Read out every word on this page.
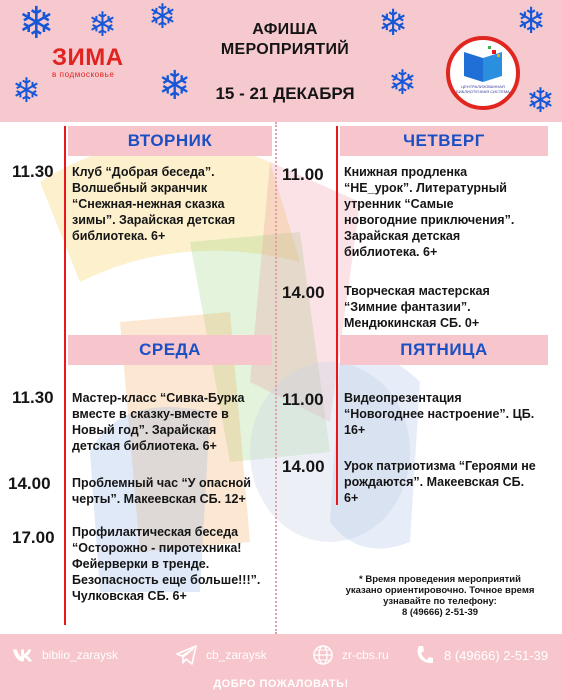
❄ ❄ ❄
❄
❄
❄
❄
❄
❄
ЗИМА
в подмосковье
АФИША
МЕРОПРИЯТИЙ
15 - 21 ДЕКАБРЯ	ЦЕНТРАЛИЗОВАННАЯ БИБЛИОТЕЧНАЯ СИСТЕМА
ВТОРНИК
11.30 Клуб “Добрая беседа”.
Волшебный экранчик
“Снежная-нежная сказка
зимы”. Зарайская детская
библиотека. 6+
ЧЕТВЕРГ
11.00 Книжная продленка
“НЕ_урок”. Литературный
утренник “Самые
новогодние приключения”.
Зарайская детская
библиотека. 6+
14.00 Творческая мастерская
“Зимние фантазии”.
Мендюкинская СБ. 0+
СРЕДА
11.30 Мастер-класс “Сивка-Бурка
вместе в сказку-вместе в
Новый год”. Зарайская
детская библиотека. 6+
14.00 Проблемный час “У опасной
черты”. Макеевская СБ. 12+
17.00 Профилактическая беседа
“Осторожно - пиротехника!
Фейерверки в тренде.
Безопасность еще больше!!!”.
Чулковская СБ. 6+
ПЯТНИЦА
11.00 Видеопрезентация
“Новогоднее настроение”. ЦБ.
16+
14.00 Урок патриотизма “Героями не
рождаются”. Макеевская СБ.
6+
* Время проведения мероприятий
указано ориентировочно. Точное время
узнавайте по телефону:
8 (49666) 2-51-39
biblio_zaraysk	cb_zaraysk	zr-cbs.ru	8 (49666) 2-51-39
ДОБРО ПОЖАЛОВАТЬ!
